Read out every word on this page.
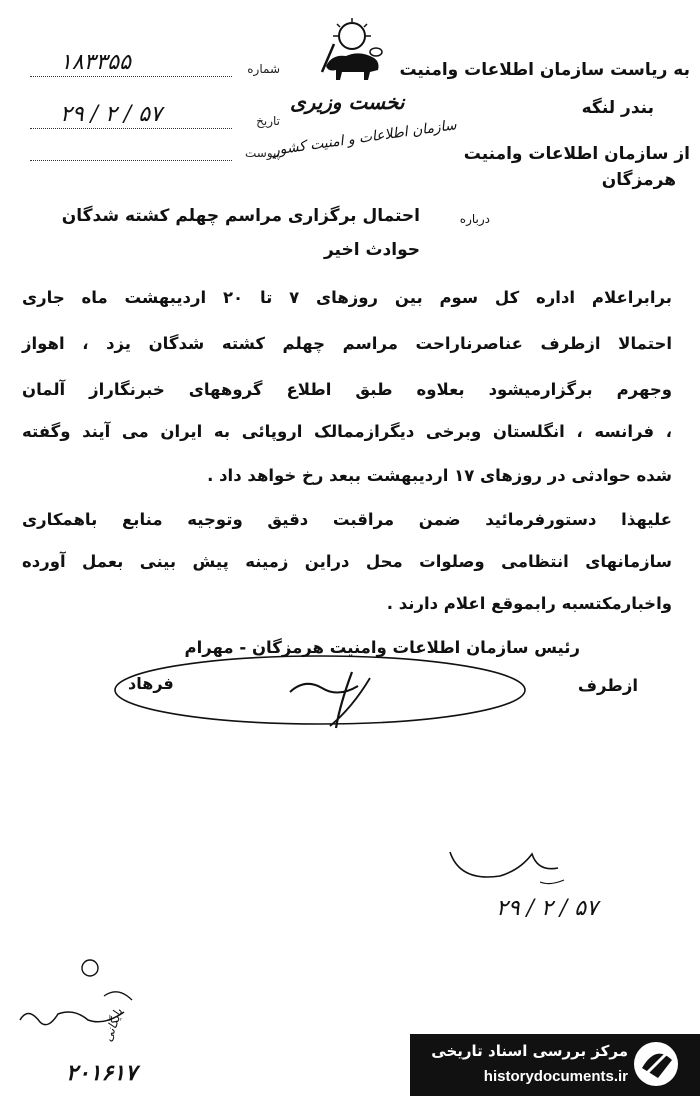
۱۸۳۳۵۵	شماره
۲۹ / ۲ / ۵۷	تاریخ
پیوست
نخست وزیری
سازمان اطلاعات و امنیت کشور
به ریاست سازمان اطلاعات وامنیت
بندر لنگه
از سازمان اطلاعات وامنیت
هرمزگان
درباره
احتمال برگزاری مراسم چهلم کشته شدگان
حوادث اخیر
برابراعلام اداره کل سوم بین روزهای ۷ تا ۲۰ اردیبهشت ماه جاری
احتمالا ازطرف عناصرناراحت مراسم چهلم کشته شدگان یزد ، اهواز
وجهرم برگزارمیشود بعلاوه طبق اطلاع گروههای خبرنگاراز آلمان
، فرانسه ، انگلستان وبرخی دیگرازممالک اروپائی به ایران می آیند وگفته
شده حوادثی در روزهای ۱۷ اردیبهشت ببعد رخ خواهد داد .
علیهذا دستورفرمائید ضمن مراقبت دقیق وتوجیه منابع باهمکاری
سازمانهای انتظامی وصلوات محل دراین زمینه پیش بینی بعمل آورده
واخبارمکتسبه رابموقع اعلام دارند .
رئیس سازمان اطلاعات وامنیت هرمزگان - مهرام
ازطرف
فرهاد
۲۹ / ۲ / ۵۷
بایگانی
۲۰۱۶۱۷
مرکز بررسی اسناد تاریخی
historydocuments.ir
